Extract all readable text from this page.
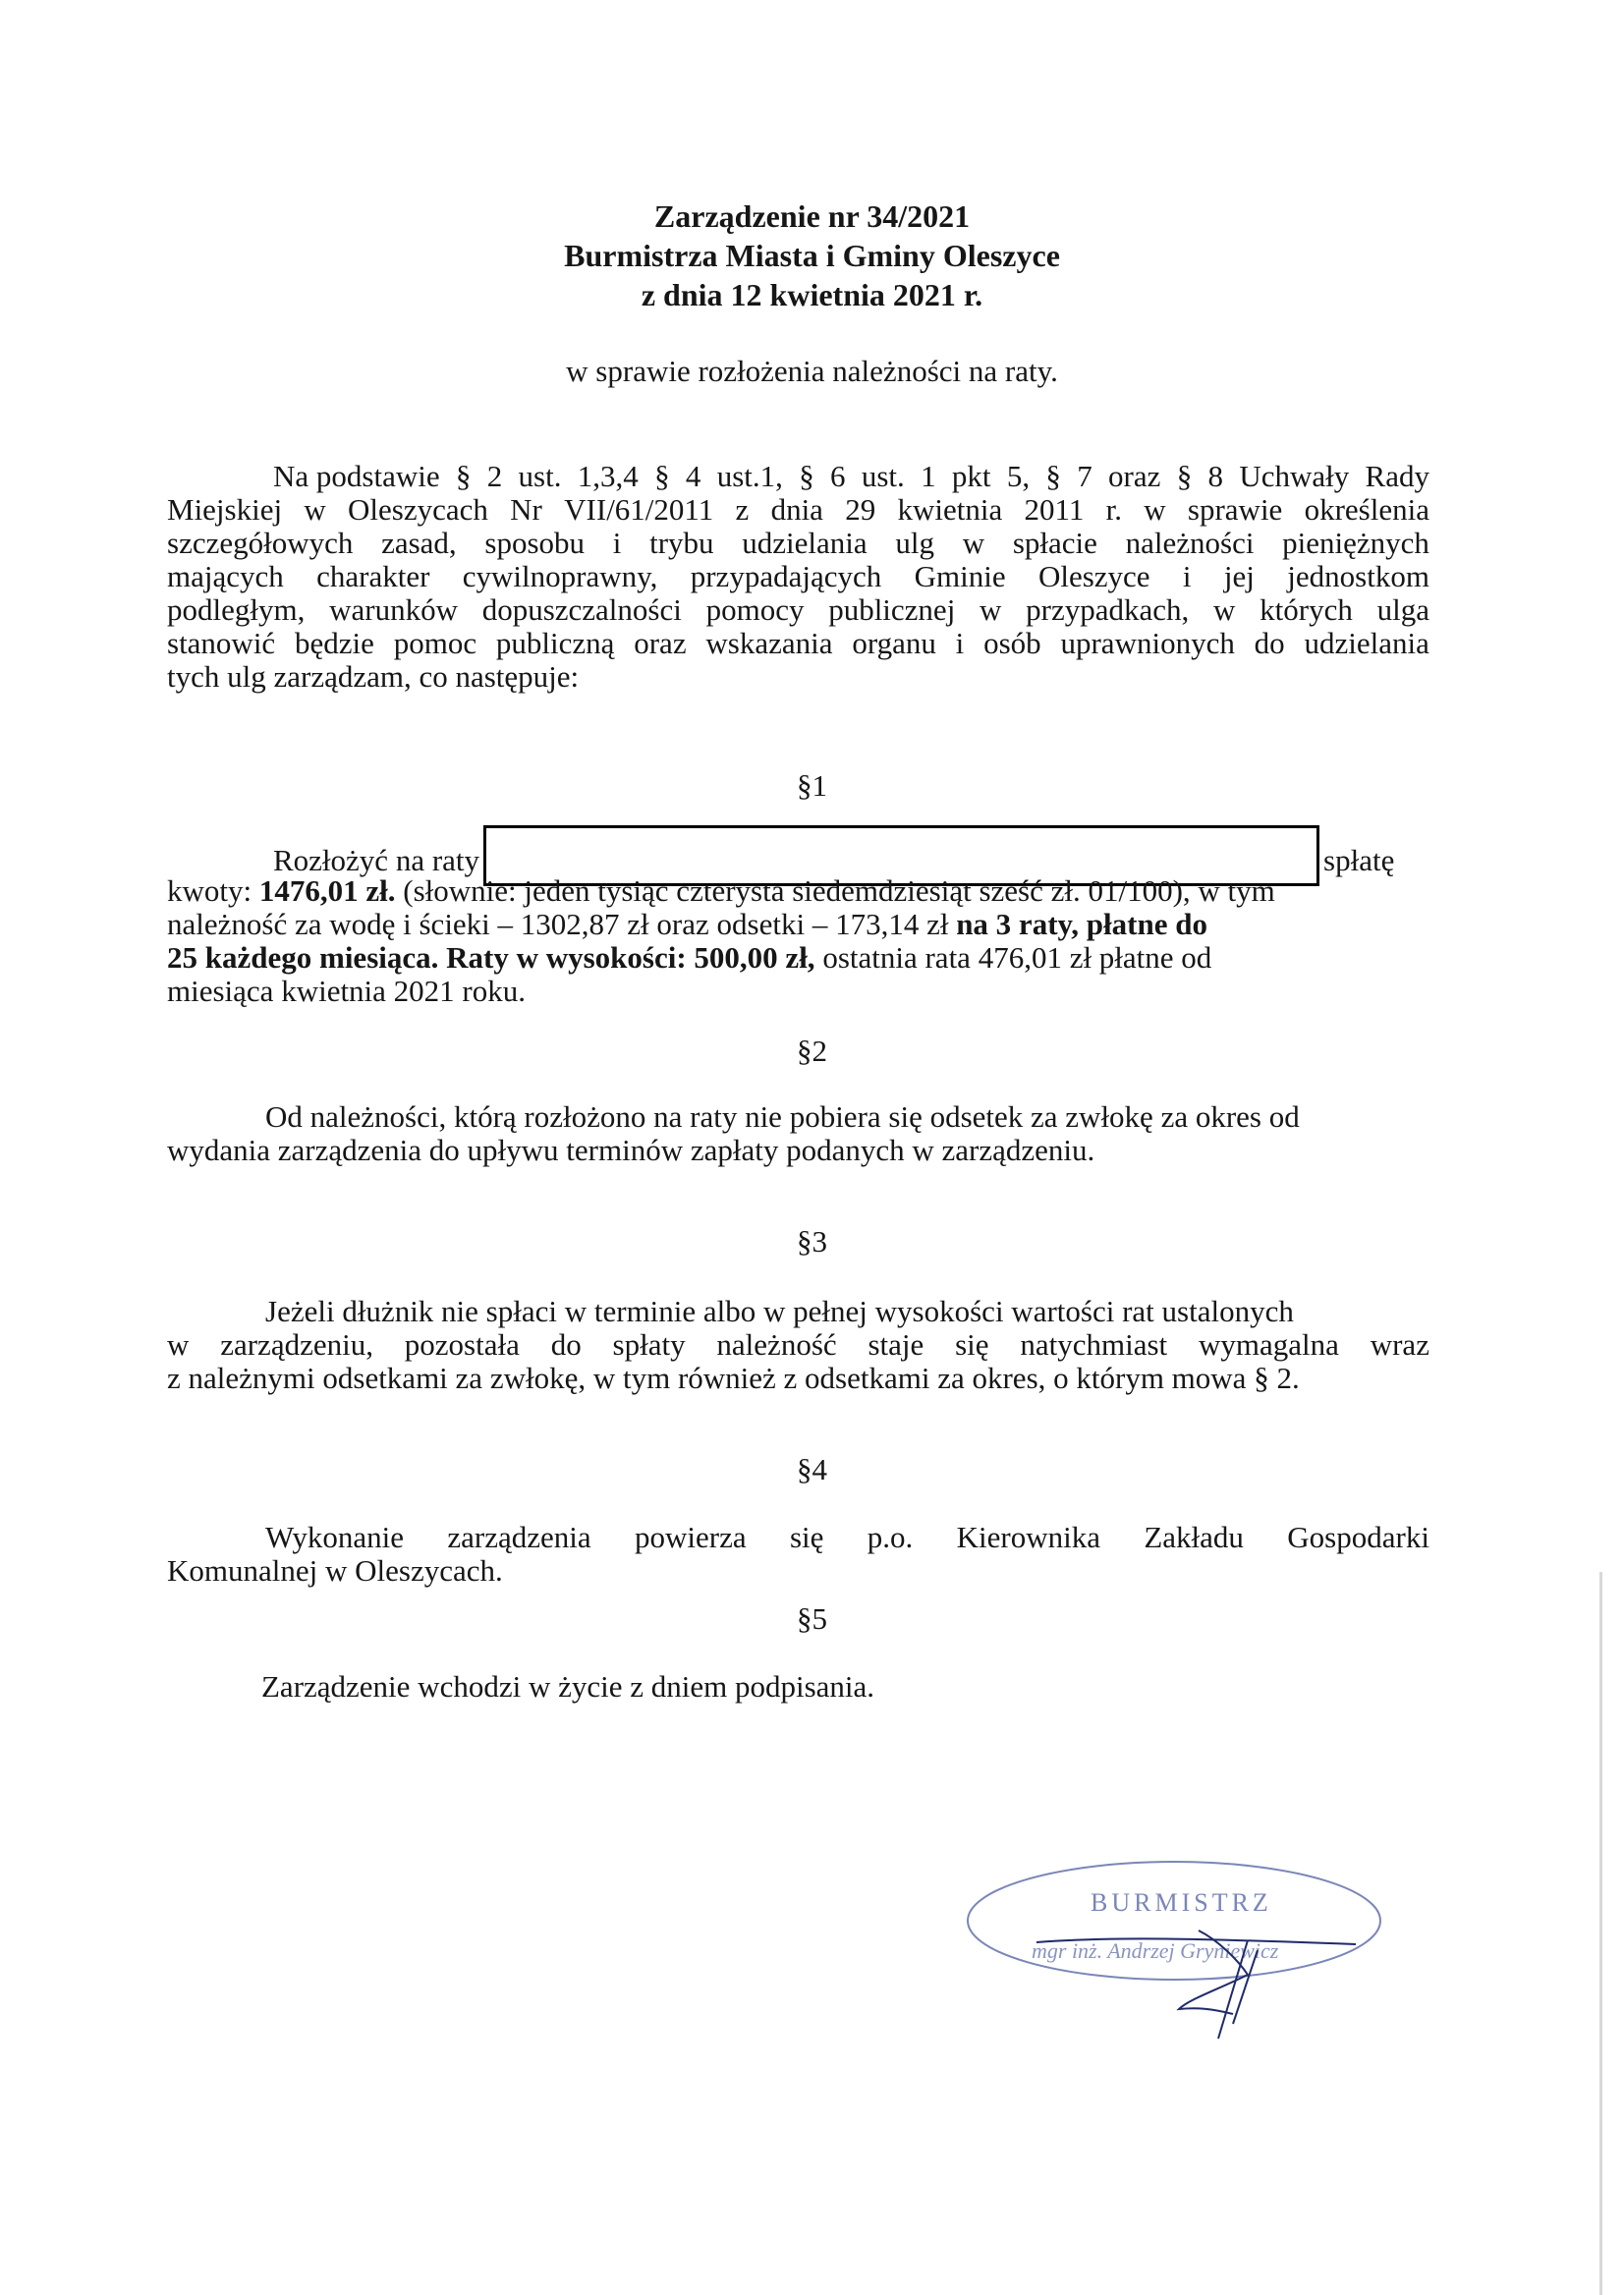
Zarządzenie nr 34/2021
Burmistrza Miasta i Gminy Oleszyce
z dnia 12 kwietnia 2021 r.
w sprawie rozłożenia należności na raty.
Na podstawie § 2 ust. 1,3,4 § 4 ust.1, § 6 ust. 1 pkt 5, § 7 oraz § 8 Uchwały Rady
Miejskiej w Oleszycach Nr VII/61/2011 z dnia 29 kwietnia 2011 r. w sprawie określenia
szczegółowych zasad, sposobu i trybu udzielania ulg w spłacie należności pieniężnych
mających charakter cywilnoprawny, przypadających Gminie Oleszyce i jej jednostkom
podległym, warunków dopuszczalności pomocy publicznej w przypadkach, w których ulga
stanowić będzie pomoc publiczną oraz wskazania organu i osób uprawnionych do udzielania
tych ulg zarządzam, co następuje:
§1
Rozłożyć na raty	spłatę
kwoty: 1476,01 zł. (słownie: jeden tysiąc czterysta siedemdziesiąt sześć zł. 01/100), w tym
należność za wodę i ścieki – 1302,87 zł oraz odsetki – 173,14 zł na 3 raty, płatne do
25 każdego miesiąca. Raty w wysokości: 500,00 zł, ostatnia rata 476,01 zł płatne od
miesiąca kwietnia 2021 roku.
§2
Od należności, którą rozłożono na raty nie pobiera się odsetek za zwłokę za okres od
wydania zarządzenia do upływu terminów zapłaty podanych w zarządzeniu.
§3
Jeżeli dłużnik nie spłaci w terminie albo w pełnej wysokości wartości rat ustalonych
w zarządzeniu, pozostała do spłaty należność staje się natychmiast wymagalna wraz
z należnymi odsetkami za zwłokę, w tym również z odsetkami za okres, o którym mowa § 2.
§4
Wykonanie zarządzenia powierza się p.o. Kierownika Zakładu Gospodarki
Komunalnej w Oleszycach.
§5
Zarządzenie wchodzi w życie z dniem podpisania.
BURMISTRZ
mgr inż. Andrzej Gryniewicz
